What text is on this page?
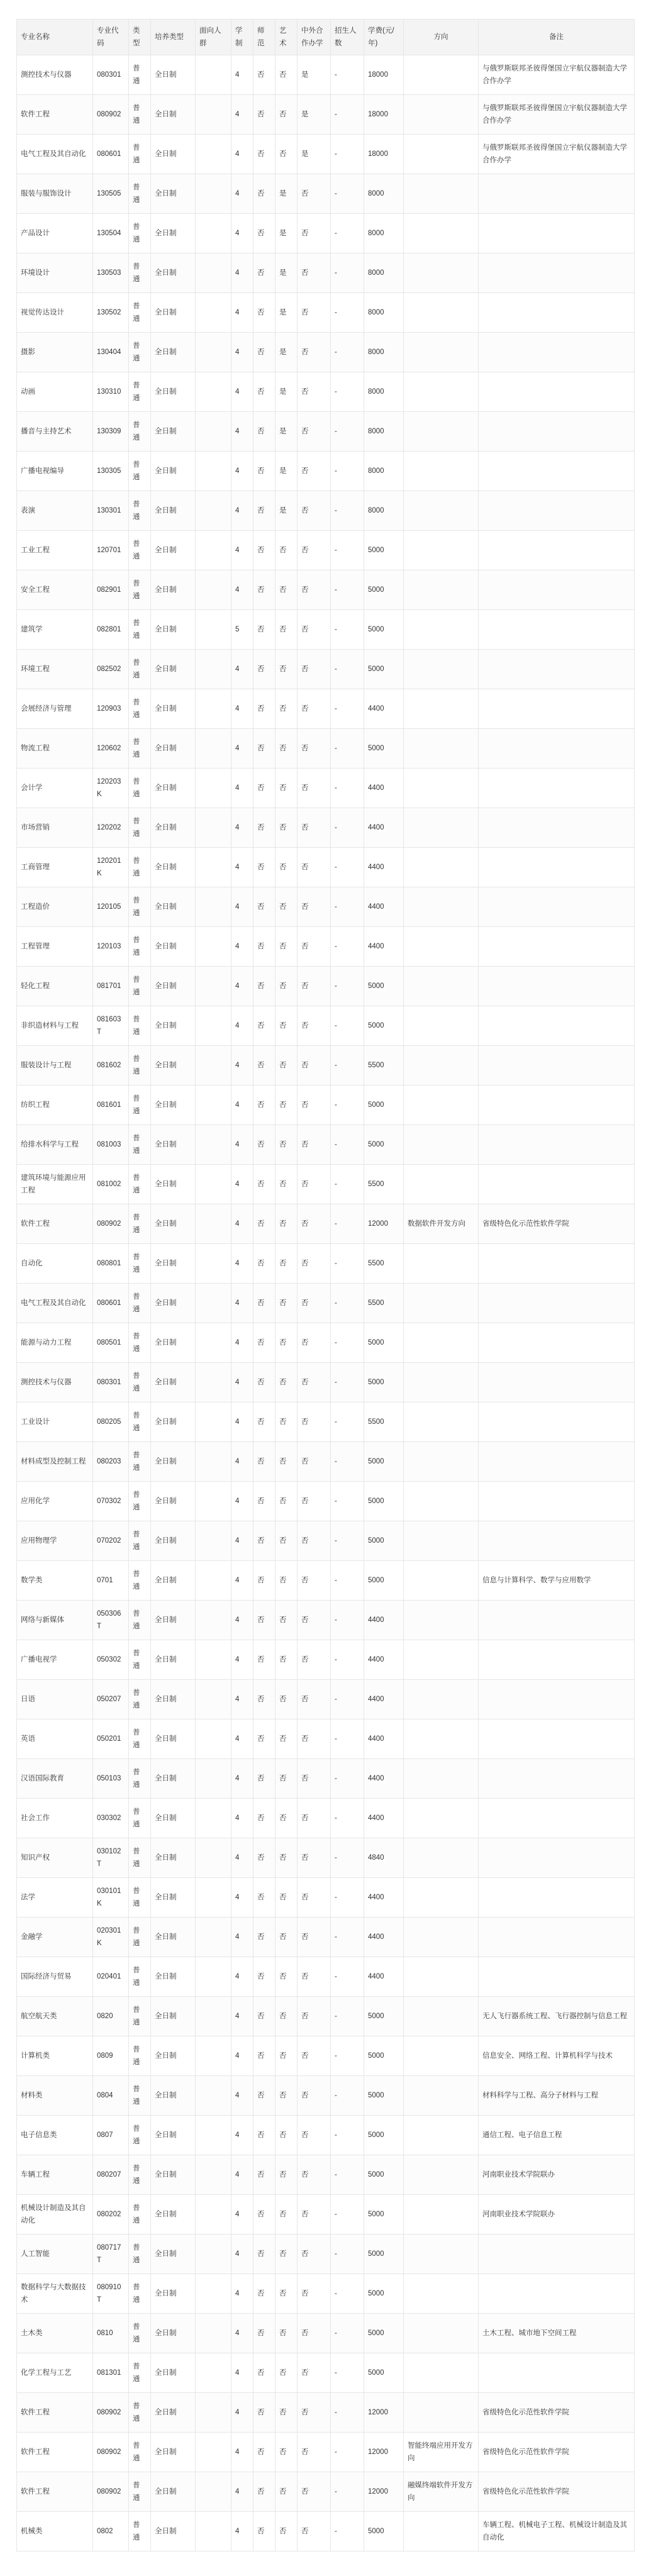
专业名称	专业代码	类型	培养类型	面向人群	学制	师范	艺术	中外合作办学	招生人数	学费(元/年)	方向	备注
测控技术与仪器	080301	普通	全日制		4	否	否	是	-	18000		与俄罗斯联邦圣彼得堡国立宇航仪器制造大学合作办学
软件工程	080902	普通	全日制		4	否	否	是	-	18000		与俄罗斯联邦圣彼得堡国立宇航仪器制造大学合作办学
电气工程及其自动化	080601	普通	全日制		4	否	否	是	-	18000		与俄罗斯联邦圣彼得堡国立宇航仪器制造大学合作办学
服装与服饰设计	130505	普通	全日制		4	否	是	否	-	8000		
产品设计	130504	普通	全日制		4	否	是	否	-	8000		
环境设计	130503	普通	全日制		4	否	是	否	-	8000		
视觉传达设计	130502	普通	全日制		4	否	是	否	-	8000		
摄影	130404	普通	全日制		4	否	是	否	-	8000		
动画	130310	普通	全日制		4	否	是	否	-	8000		
播音与主持艺术	130309	普通	全日制		4	否	是	否	-	8000		
广播电视编导	130305	普通	全日制		4	否	是	否	-	8000		
表演	130301	普通	全日制		4	否	是	否	-	8000		
工业工程	120701	普通	全日制		4	否	否	否	-	5000		
安全工程	082901	普通	全日制		4	否	否	否	-	5000		
建筑学	082801	普通	全日制		5	否	否	否	-	5000		
环境工程	082502	普通	全日制		4	否	否	否	-	5000		
会展经济与管理	120903	普通	全日制		4	否	否	否	-	4400		
物流工程	120602	普通	全日制		4	否	否	否	-	5000		
会计学	120203K	普通	全日制		4	否	否	否	-	4400		
市场营销	120202	普通	全日制		4	否	否	否	-	4400		
工商管理	120201K	普通	全日制		4	否	否	否	-	4400		
工程造价	120105	普通	全日制		4	否	否	否	-	4400		
工程管理	120103	普通	全日制		4	否	否	否	-	4400		
轻化工程	081701	普通	全日制		4	否	否	否	-	5000		
非织造材料与工程	081603T	普通	全日制		4	否	否	否	-	5000		
服装设计与工程	081602	普通	全日制		4	否	否	否	-	5500		
纺织工程	081601	普通	全日制		4	否	否	否	-	5000		
给排水科学与工程	081003	普通	全日制		4	否	否	否	-	5000		
建筑环境与能源应用工程	081002	普通	全日制		4	否	否	否	-	5500		
软件工程	080902	普通	全日制		4	否	否	否	-	12000	数据软件开发方向	省级特色化示范性软件学院
自动化	080801	普通	全日制		4	否	否	否	-	5500		
电气工程及其自动化	080601	普通	全日制		4	否	否	否	-	5500		
能源与动力工程	080501	普通	全日制		4	否	否	否	-	5000		
测控技术与仪器	080301	普通	全日制		4	否	否	否	-	5000		
工业设计	080205	普通	全日制		4	否	否	否	-	5500		
材料成型及控制工程	080203	普通	全日制		4	否	否	否	-	5000		
应用化学	070302	普通	全日制		4	否	否	否	-	5000		
应用物理学	070202	普通	全日制		4	否	否	否	-	5000		
数学类	0701	普通	全日制		4	否	否	否	-	5000		信息与计算科学、数学与应用数学
网络与新媒体	050306T	普通	全日制		4	否	否	否	-	4400		
广播电视学	050302	普通	全日制		4	否	否	否	-	4400		
日语	050207	普通	全日制		4	否	否	否	-	4400		
英语	050201	普通	全日制		4	否	否	否	-	4400		
汉语国际教育	050103	普通	全日制		4	否	否	否	-	4400		
社会工作	030302	普通	全日制		4	否	否	否	-	4400		
知识产权	030102T	普通	全日制		4	否	否	否	-	4840		
法学	030101K	普通	全日制		4	否	否	否	-	4400		
金融学	020301K	普通	全日制		4	否	否	否	-	4400		
国际经济与贸易	020401	普通	全日制		4	否	否	否	-	4400		
航空航天类	0820	普通	全日制		4	否	否	否	-	5000		无人飞行器系统工程、飞行器控制与信息工程
计算机类	0809	普通	全日制		4	否	否	否	-	5000		信息安全、网络工程、计算机科学与技术
材料类	0804	普通	全日制		4	否	否	否	-	5000		材料科学与工程、高分子材料与工程
电子信息类	0807	普通	全日制		4	否	否	否	-	5000		通信工程、电子信息工程
车辆工程	080207	普通	全日制		4	否	否	否	-	5000		河南职业技术学院联办
机械设计制造及其自动化	080202	普通	全日制		4	否	否	否	-	5000		河南职业技术学院联办
人工智能	080717T	普通	全日制		4	否	否	否	-	5000		
数据科学与大数据技术	080910T	普通	全日制		4	否	否	否	-	5000		
土木类	0810	普通	全日制		4	否	否	否	-	5000		土木工程、城市地下空间工程
化学工程与工艺	081301	普通	全日制		4	否	否	否	-	5000		
软件工程	080902	普通	全日制		4	否	否	否	-	12000		省级特色化示范性软件学院
软件工程	080902	普通	全日制		4	否	否	否	-	12000	智能终端应用开发方向	省级特色化示范性软件学院
软件工程	080902	普通	全日制		4	否	否	否	-	12000	融媒终端软件开发方向	省级特色化示范性软件学院
机械类	0802	普通	全日制		4	否	否	否	-	5000		车辆工程、机械电子工程、机械设计制造及其自动化
